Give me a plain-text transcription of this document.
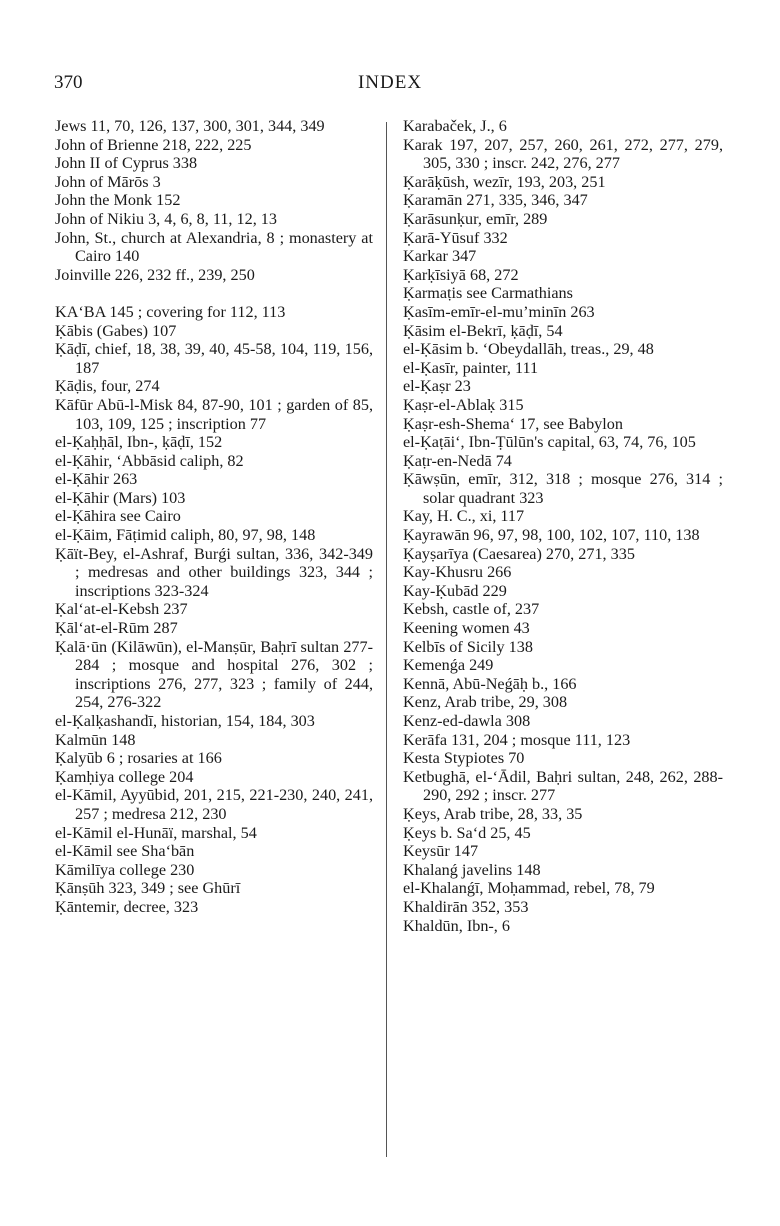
370	INDEX
Jews 11, 70, 126, 137, 300, 301, 344, 349
John of Brienne 218, 222, 225
John II of Cyprus 338
John of Mārōs 3
John the Monk 152
John of Nikiu 3, 4, 6, 8, 11, 12, 13
John, St., church at Alexandria, 8 ; monastery at Cairo 140
Joinville 226, 232 ff., 239, 250
KA‘BA 145 ; covering for 112, 113
Ḳābis (Gabes) 107
Ḳāḍī, chief, 18, 38, 39, 40, 45-58, 104, 119, 156, 187
Ḳāḍis, four, 274
Kāfūr Abū-l-Misk 84, 87-90, 101 ; garden of 85, 103, 109, 125 ; inscription 77
el-Ḳaḥḥāl, Ibn-, ḳāḍī, 152
el-Ḳāhir, ‘Abbāsid caliph, 82
el-Ḳāhir 263
el-Ḳāhir (Mars) 103
el-Ḳāhira see Cairo
el-Ḳāim, Fāṭimid caliph, 80, 97, 98, 148
Ḳāït-Bey, el-Ashraf, Burǵi sultan, 336, 342-349 ; medresas and other buildings 323, 344 ; inscriptions 323-324
Ḳal‘at-el-Kebsh 237
Ḳāl‘at-el-Rūm 287
Ḳalā·ūn (Kilāwūn), el-Manṣūr, Baḥrī sultan 277-284 ; mosque and hospital 276, 302 ; inscriptions 276, 277, 323 ; family of 244, 254, 276-322
el-Ḳalḳashandī, historian, 154, 184, 303
Kalmūn 148
Ḳalyūb 6 ; rosaries at 166
Ḳamḥiya college 204
el-Kāmil, Ayyūbid, 201, 215, 221-230, 240, 241, 257 ; medresa 212, 230
el-Kāmil el-Hunāï, marshal, 54
el-Kāmil see Sha‘bān
Kāmilīya college 230
Ḳānṣūh 323, 349 ; see Ghūrī
Ḳāntemir, decree, 323
Karabaček, J., 6
Karak 197, 207, 257, 260, 261, 272, 277, 279, 305, 330 ; inscr. 242, 276, 277
Ḳarāḳūsh, wezīr, 193, 203, 251
Ḳaramān 271, 335, 346, 347
Ḳarāsunḳur, emīr, 289
Ḳarā-Yūsuf 332
Karkar 347
Ḳarḳīsiyā 68, 272
Ḳarmaṭis see Carmathians
Ḳasīm-emīr-el-mu’minīn 263
Ḳāsim el-Bekrī, ḳāḍī, 54
el-Ḳāsim b. ‘Obeydallāh, treas., 29, 48
el-Ḳasīr, painter, 111
el-Ḳaṣr 23
Ḳaṣr-el-Ablaḳ 315
Ḳaṣr-esh-Shema‘ 17, see Babylon
el-Ḳaṭāi‘, Ibn-Ṭūlūn's capital, 63, 74, 76, 105
Ḳaṭr-en-Nedā 74
Ḳāwṣūn, emīr, 312, 318 ; mosque 276, 314 ; solar quadrant 323
Kay, H. C., xi, 117
Ḳayrawān 96, 97, 98, 100, 102, 107, 110, 138
Ḳayṣarīya (Caesarea) 270, 271, 335
Kay-Khusru 266
Kay-Ḳubād 229
Kebsh, castle of, 237
Keening women 43
Kelbīs of Sicily 138
Kemenǵa 249
Kennā, Abū-Neǵāḥ b., 166
Kenz, Arab tribe, 29, 308
Kenz-ed-dawla 308
Kerāfa 131, 204 ; mosque 111, 123
Kesta Stypiotes 70
Ketbughā, el-‘Ādil, Baḥri sultan, 248, 262, 288-290, 292 ; inscr. 277
Ḳeys, Arab tribe, 28, 33, 35
Ḳeys b. Sa‘d 25, 45
Keysūr 147
Khalanǵ javelins 148
el-Khalanǵī, Moḥammad, rebel, 78, 79
Khaldirān 352, 353
Khaldūn, Ibn-, 6
